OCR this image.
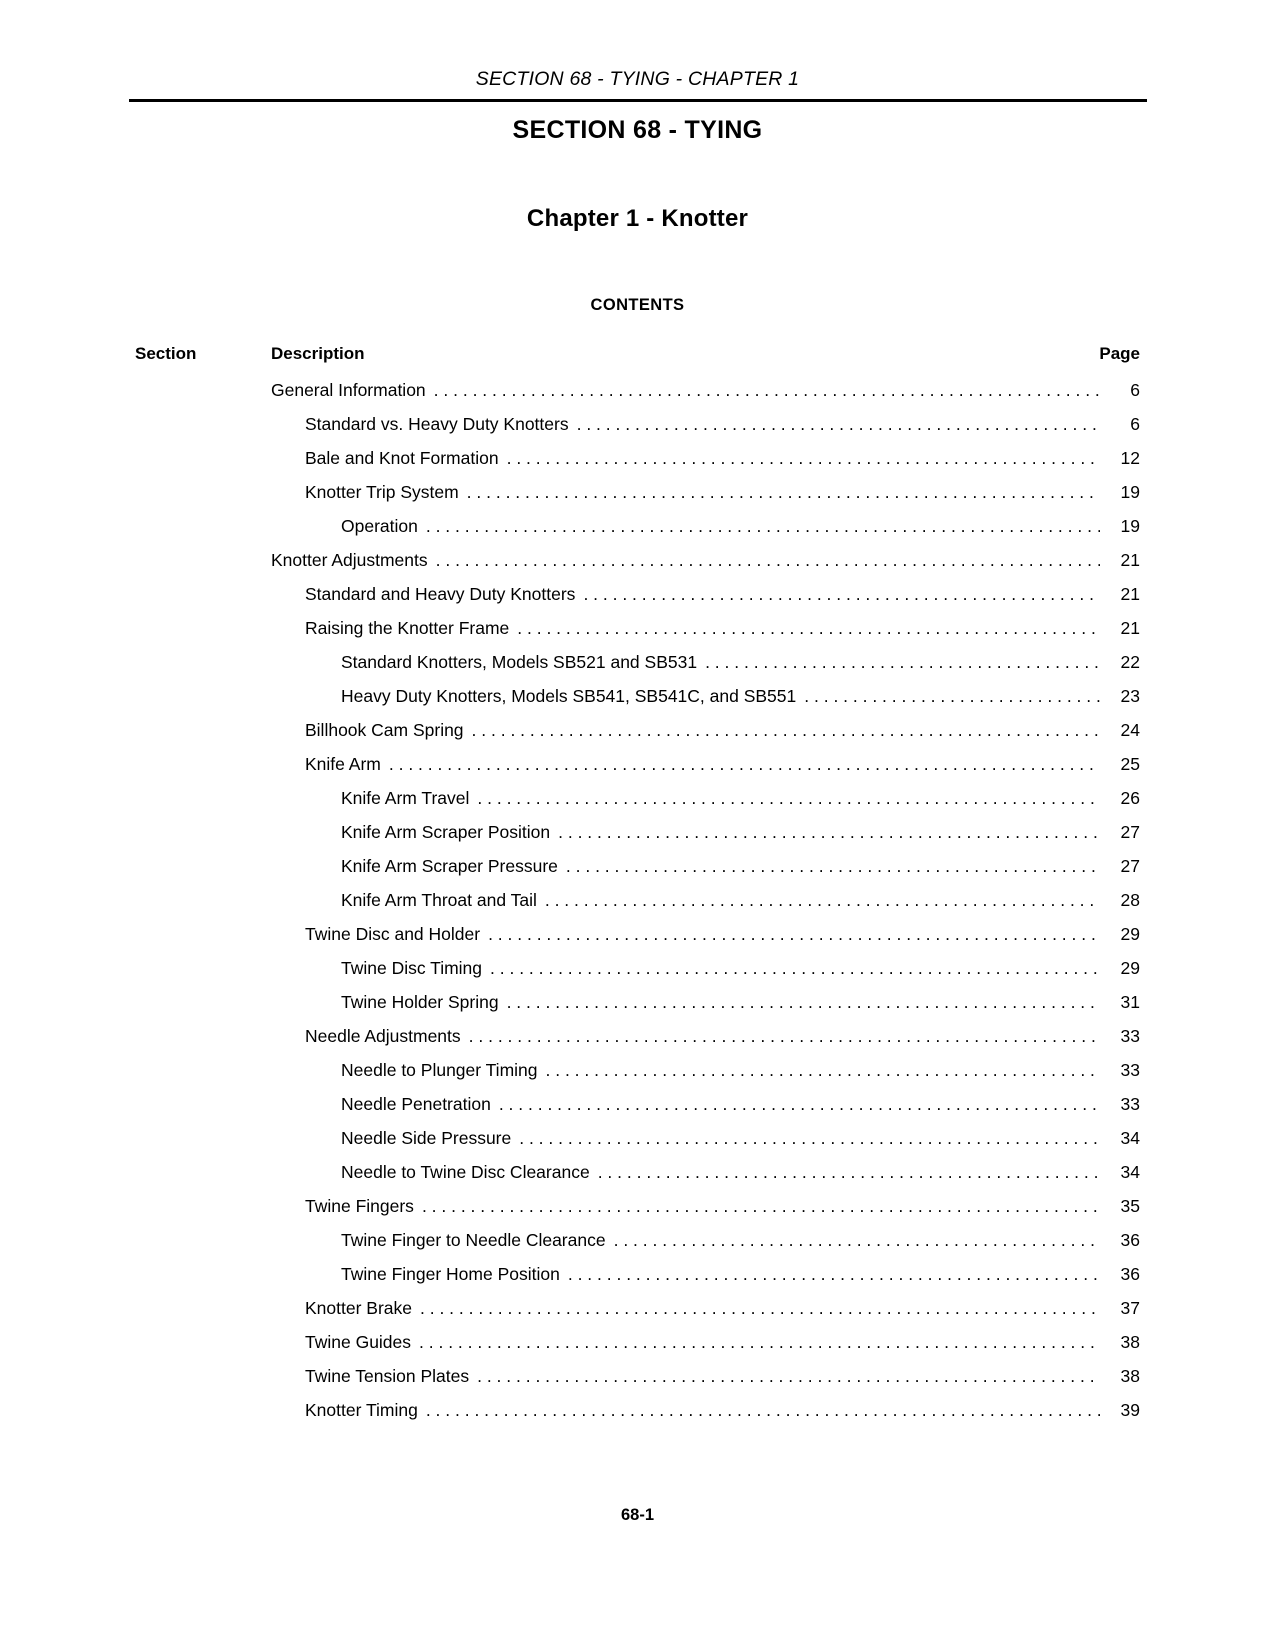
SECTION 68 - TYING - CHAPTER 1
SECTION 68 - TYING
Chapter 1 - Knotter
CONTENTS
Section	Description	Page
General Information . . .	6
Standard vs. Heavy Duty Knotters . . .	6
Bale and Knot Formation . . .	12
Knotter Trip System . . .	19
Operation . . .	19
Knotter Adjustments . . .	21
Standard and Heavy Duty Knotters . . .	21
Raising the Knotter Frame . . .	21
Standard Knotters, Models SB521 and SB531 . . .	22
Heavy Duty Knotters, Models SB541, SB541C, and SB551 . . .	23
Billhook Cam Spring . . .	24
Knife Arm . . .	25
Knife Arm Travel . . .	26
Knife Arm Scraper Position . . .	27
Knife Arm Scraper Pressure . . .	27
Knife Arm Throat and Tail . . .	28
Twine Disc and Holder . . .	29
Twine Disc Timing . . .	29
Twine Holder Spring . . .	31
Needle Adjustments . . .	33
Needle to Plunger Timing . . .	33
Needle Penetration . . .	33
Needle Side Pressure . . .	34
Needle to Twine Disc Clearance . . .	34
Twine Fingers . . .	35
Twine Finger to Needle Clearance . . .	36
Twine Finger Home Position . . .	36
Knotter Brake . . .	37
Twine Guides . . .	38
Twine Tension Plates . . .	38
Knotter Timing . . .	39
68-1
